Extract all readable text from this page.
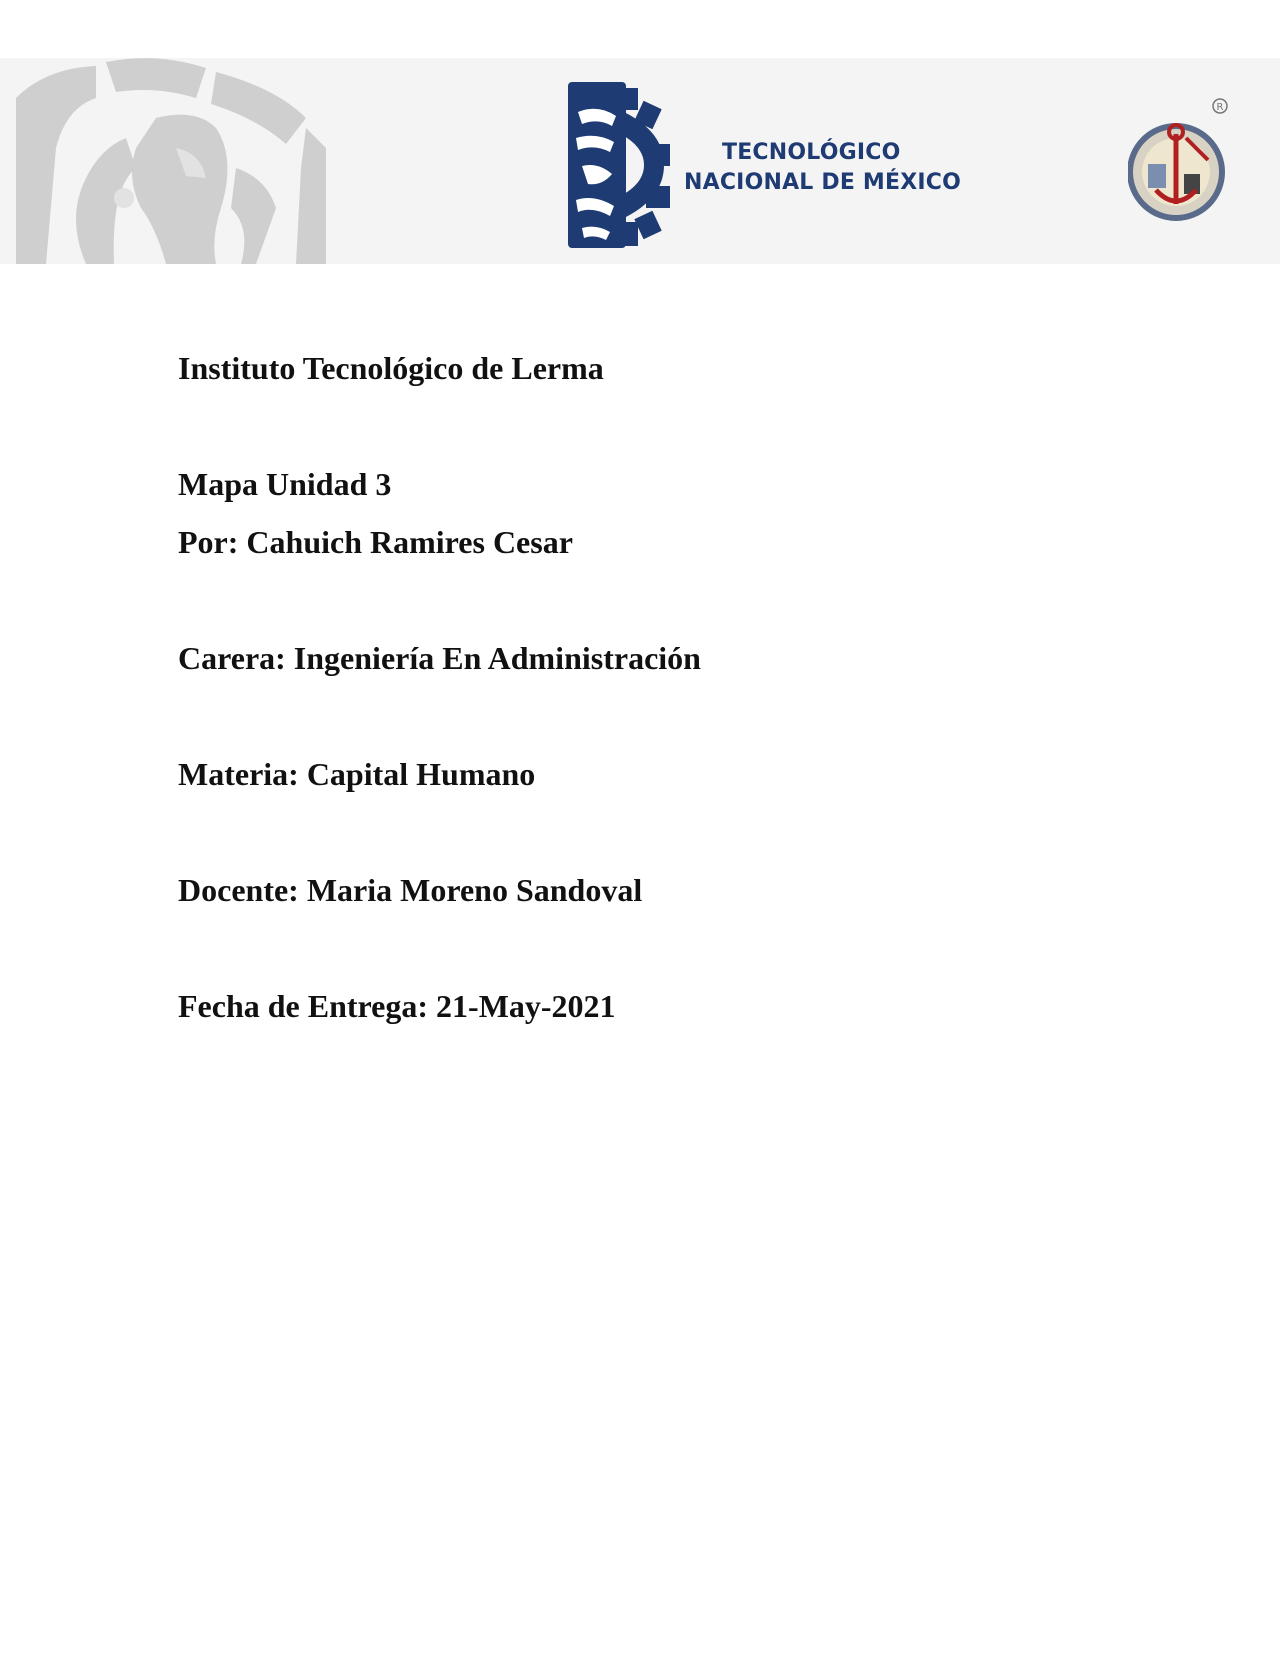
TECNOLÓGICO
NACIONAL DE MÉXICO
R
Instituto Tecnológico de Lerma
Mapa Unidad 3
Por: Cahuich Ramires Cesar
Carera: Ingeniería En Administración
Materia: Capital Humano
Docente: Maria Moreno Sandoval
Fecha de Entrega: 21-May-2021
